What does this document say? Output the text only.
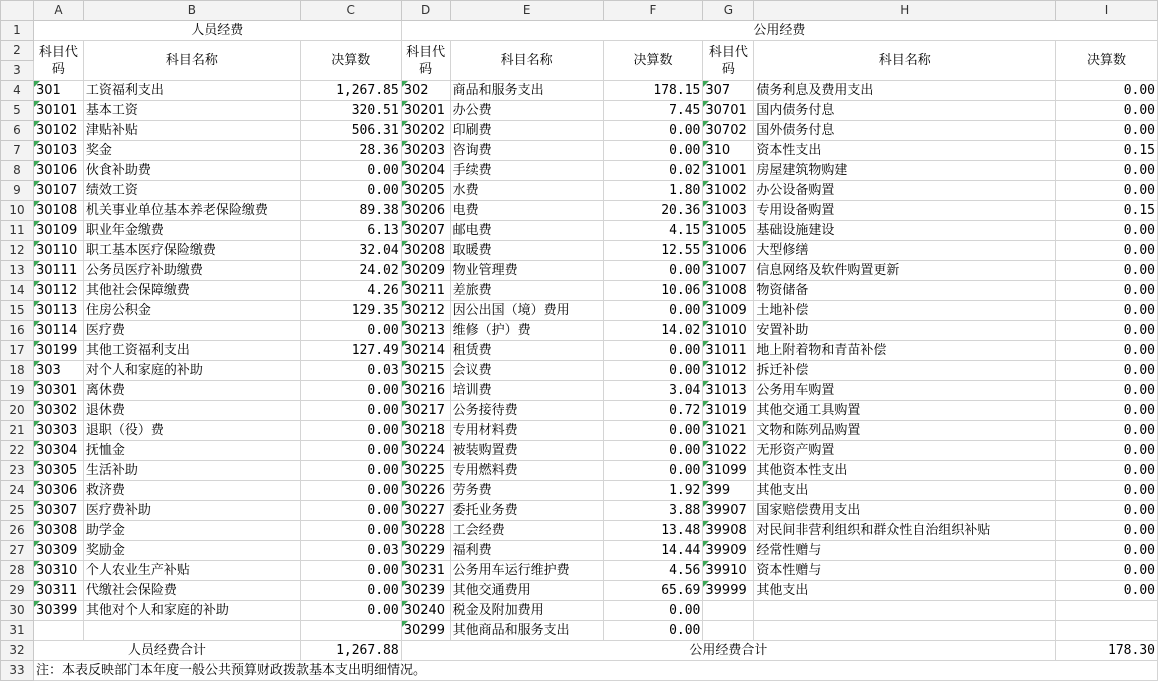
	A	B	C	D	E	F	G	H	I
1	人员经费			公用经费					
2	科目代码	科目名称	决算数	科目代码	科目名称	决算数	科目代码	科目名称	决算数
3									
4	301	工资福利支出	1,267.85	302	商品和服务支出	178.15	307	债务利息及费用支出	0.00
5	30101	基本工资	320.51	30201	办公费	7.45	30701	国内债务付息	0.00
6	30102	津贴补贴	506.31	30202	印刷费	0.00	30702	国外债务付息	0.00
7	30103	奖金	28.36	30203	咨询费	0.00	310	资本性支出	0.15
8	30106	伙食补助费	0.00	30204	手续费	0.02	31001	房屋建筑物购建	0.00
9	30107	绩效工资	0.00	30205	水费	1.80	31002	办公设备购置	0.00
10	30108	机关事业单位基本养老保险缴费	89.38	30206	电费	20.36	31003	专用设备购置	0.15
11	30109	职业年金缴费	6.13	30207	邮电费	4.15	31005	基础设施建设	0.00
12	30110	职工基本医疗保险缴费	32.04	30208	取暖费	12.55	31006	大型修缮	0.00
13	30111	公务员医疗补助缴费	24.02	30209	物业管理费	0.00	31007	信息网络及软件购置更新	0.00
14	30112	其他社会保障缴费	4.26	30211	差旅费	10.06	31008	物资储备	0.00
15	30113	住房公积金	129.35	30212	因公出国（境）费用	0.00	31009	土地补偿	0.00
16	30114	医疗费	0.00	30213	维修（护）费	14.02	31010	安置补助	0.00
17	30199	其他工资福利支出	127.49	30214	租赁费	0.00	31011	地上附着物和青苗补偿	0.00
18	303	对个人和家庭的补助	0.03	30215	会议费	0.00	31012	拆迁补偿	0.00
19	30301	离休费	0.00	30216	培训费	3.04	31013	公务用车购置	0.00
20	30302	退休费	0.00	30217	公务接待费	0.72	31019	其他交通工具购置	0.00
21	30303	退职（役）费	0.00	30218	专用材料费	0.00	31021	文物和陈列品购置	0.00
22	30304	抚恤金	0.00	30224	被装购置费	0.00	31022	无形资产购置	0.00
23	30305	生活补助	0.00	30225	专用燃料费	0.00	31099	其他资本性支出	0.00
24	30306	救济费	0.00	30226	劳务费	1.92	399	其他支出	0.00
25	30307	医疗费补助	0.00	30227	委托业务费	3.88	39907	国家赔偿费用支出	0.00
26	30308	助学金	0.00	30228	工会经费	13.48	39908	对民间非营利组织和群众性自治组织补贴	0.00
27	30309	奖励金	0.03	30229	福利费	14.44	39909	经常性赠与	0.00
28	30310	个人农业生产补贴	0.00	30231	公务用车运行维护费	4.56	39910	资本性赠与	0.00
29	30311	代缴社会保险费	0.00	30239	其他交通费用	65.69	39999	其他支出	0.00
30	30399	其他对个人和家庭的补助	0.00	30240	税金及附加费用	0.00			
31				30299	其他商品和服务支出	0.00			
32	人员经费合计		1,267.88	公用经费合计					178.30
33	注：本表反映部门本年度一般公共预算财政拨款基本支出明细情况。								
